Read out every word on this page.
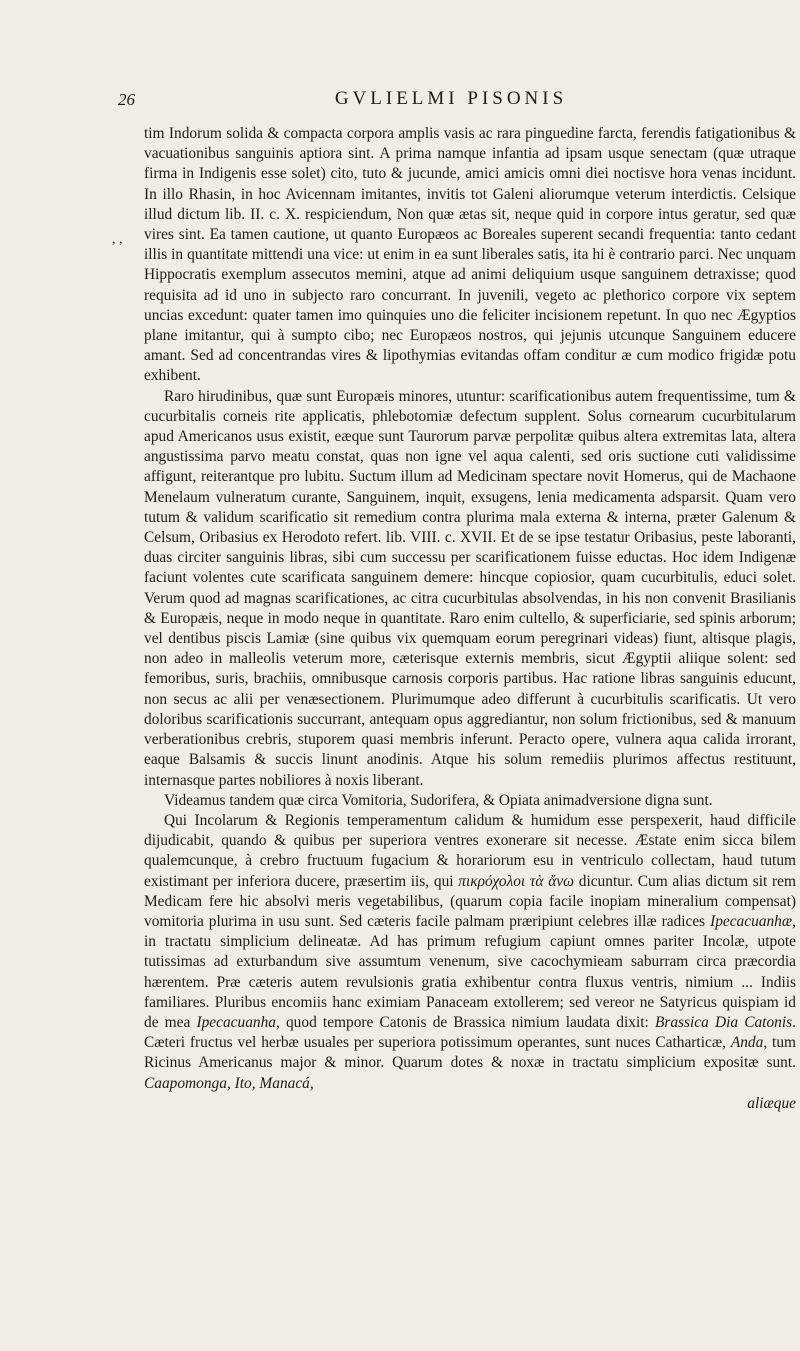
26	GVLIELMI PISONIS
, ,

tim Indorum solida & compacta corpora amplis vasis ac rara pinguedine farcta, ferendis fatigationibus & vacuationibus sanguinis aptiora sint. A prima namque infantia ad ipsam usque senectam (quæ utraque firma in Indigenis esse solet) cito, tuto & jucunde, amici amicis omni diei noctisve hora venas incidunt. In illo Rhasin, in hoc Avicennam imitantes, invitis tot Galeni aliorumque veterum interdictis. Celsique illud dictum lib. II. c. X. respiciendum, Non quæ ætas sit, neque quid in corpore intus geratur, sed quæ vires sint. Ea tamen cautione, ut quanto Europæos ac Boreales superent secandi frequentia: tanto cedant illis in quantitate mittendi una vice: ut enim in ea sunt liberales satis, ita hi è contrario parci. Nec unquam Hippocratis exemplum assecutos memini, atque ad animi deliquium usque sanguinem detraxisse; quod requisita ad id uno in subjecto raro concurrant. In juvenili, vegeto ac plethorico corpore vix septem uncias excedunt: quater tamen imo quinquies uno die feliciter incisionem repetunt. In quo nec Ægyptios plane imitantur, qui à sumpto cibo; nec Europæos nostros, qui jejunis utcunque Sanguinem educere amant. Sed ad concentrandas vires & lipothymias evitandas offam conditur æ cum modico frigidæ potu exhibent.

Raro hirudinibus, quæ sunt Europæis minores, utuntur: scarificationibus autem frequentissime, tum & cucurbitalis corneis rite applicatis, phlebotomiæ defectum supplent. Solus cornearum cucurbitularum apud Americanos usus existit, eæque sunt Taurorum parvæ perpolitæ quibus altera extremitas lata, altera angustissima parvo meatu constat, quas non igne vel aqua calenti, sed oris suctione cuti validissime affigunt, reiterantque pro lubitu. Suctum illum ad Medicinam spectare novit Homerus, qui de Machaone Menelaum vulneratum curante, Sanguinem, inquit, exsugens, lenia medicamenta adsparsit. Quam vero tutum & validum scarificatio sit remedium contra plurima mala externa & interna, præter Galenum & Celsum, Oribasius ex Herodoto refert. lib. VIII. c. XVII. Et de se ipse testatur Oribasius, peste laboranti, duas circiter sanguinis libras, sibi cum successu per scarificationem fuisse eductas. Hoc idem Indigenæ faciunt volentes cute scarificata sanguinem demere: hincque copiosior, quam cucurbitulis, educi solet. Verum quod ad magnas scarificationes, ac citra cucurbitulas absolvendas, in his non convenit Brasilianis & Europæis, neque in modo neque in quantitate. Raro enim cultello, & superficiarie, sed spinis arborum; vel dentibus piscis Lamiæ (sine quibus vix quemquam eorum peregrinari videas) fiunt, altisque plagis, non adeo in malleolis veterum more, cæterisque externis membris, sicut Ægyptii aliique solent: sed femoribus, suris, brachiis, omnibusque carnosis corporis partibus. Hac ratione libras sanguinis educunt, non secus ac alii per venæsectionem. Plurimumque adeo differunt à cucurbitulis scarificatis. Ut vero doloribus scarificationis succurrant, antequam opus aggrediantur, non solum frictionibus, sed & manuum verberationibus crebris, stuporem quasi membris inferunt. Peracto opere, vulnera aqua calida irrorant, eaque Balsamis & succis linunt anodinis. Atque his solum remediis plurimos affectus restituunt, internasque partes nobiliores à noxis liberant.

Videamus tandem quæ circa Vomitoria, Sudorifera, & Opiata animadversione digna sunt.

Qui Incolarum & Regionis temperamentum calidum & humidum esse perspexerit, haud difficile dijudicabit, quando & quibus per superiora ventres exonerare sit necesse. Æstate enim sicca bilem qualemcunque, à crebro fructuum fugacium & horariorum esu in ventriculo collectam, haud tutum existimant per inferiora ducere, præsertim iis, qui πικρόχολοι τὰ ἄνω dicuntur. Cum alias dictum sit rem Medicam fere hic absolvi meris vegetabilibus, (quarum copia facile inopiam mineralium compensat) vomitoria plurima in usu sunt. Sed cæteris facile palmam præripiunt celebres illæ radices Ipecacuanhæ, in tractatu simplicium delineatæ. Ad has primum refugium capiunt omnes pariter Incolæ, utpote tutissimas ad exturbandum sive assumtum venenum, sive cacochymieam saburram circa præcordia hærentem. Præ cæteris autem revulsionis gratia exhibentur contra fluxus ventris, nimium ... Indiis familiares. Pluribus encomiis hanc eximiam Panaceam extollerem; sed vereor ne Satyricus quispiam id de mea Ipecacuanha, quod tempore Catonis de Brassica nimium laudata dixit: Brassica Dia Catonis. Cæteri fructus vel herbæ usuales per superiora potissimum operantes, sunt nuces Catharticæ, Anda, tum Ricinus Americanus major & minor. Quarum dotes & noxæ in tractatu simplicium expositæ sunt. Caapomonga, Ito, Manacá,

aliæque
